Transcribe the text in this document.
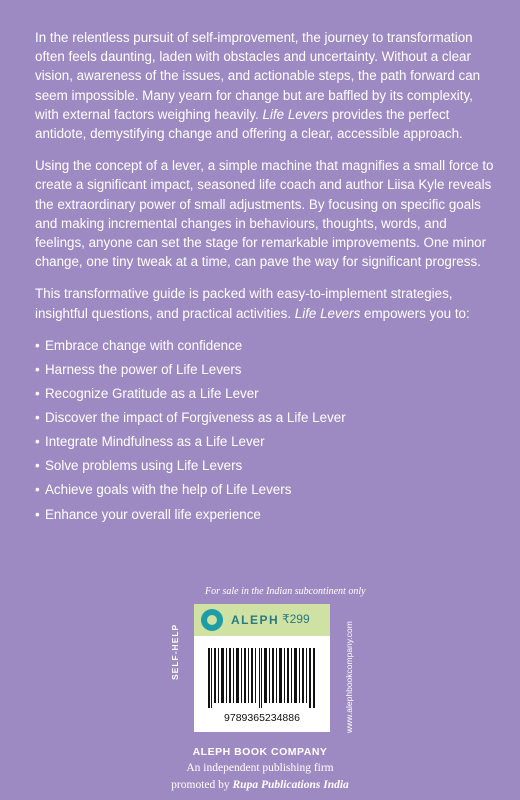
In the relentless pursuit of self-improvement, the journey to transformation often feels daunting, laden with obstacles and uncertainty. Without a clear vision, awareness of the issues, and actionable steps, the path forward can seem impossible. Many yearn for change but are baffled by its complexity, with external factors weighing heavily. Life Levers provides the perfect antidote, demystifying change and offering a clear, accessible approach.

Using the concept of a lever, a simple machine that magnifies a small force to create a significant impact, seasoned life coach and author Liisa Kyle reveals the extraordinary power of small adjustments. By focusing on specific goals and making incremental changes in behaviours, thoughts, words, and feelings, anyone can set the stage for remarkable improvements. One minor change, one tiny tweak at a time, can pave the way for significant progress.

This transformative guide is packed with easy-to-implement strategies, insightful questions, and practical activities. Life Levers empowers you to:

• Embrace change with confidence
• Harness the power of Life Levers
• Recognize Gratitude as a Life Lever
• Discover the impact of Forgiveness as a Life Lever
• Integrate Mindfulness as a Life Lever
• Solve problems using Life Levers
• Achieve goals with the help of Life Levers
• Enhance your overall life experience
For sale in the Indian subcontinent only
SELF-HELP
ALEPH ₹299
9789365234886	www.alephbookcompany.com
ALEPH BOOK COMPANY
An independent publishing firm
promoted by Rupa Publications India
